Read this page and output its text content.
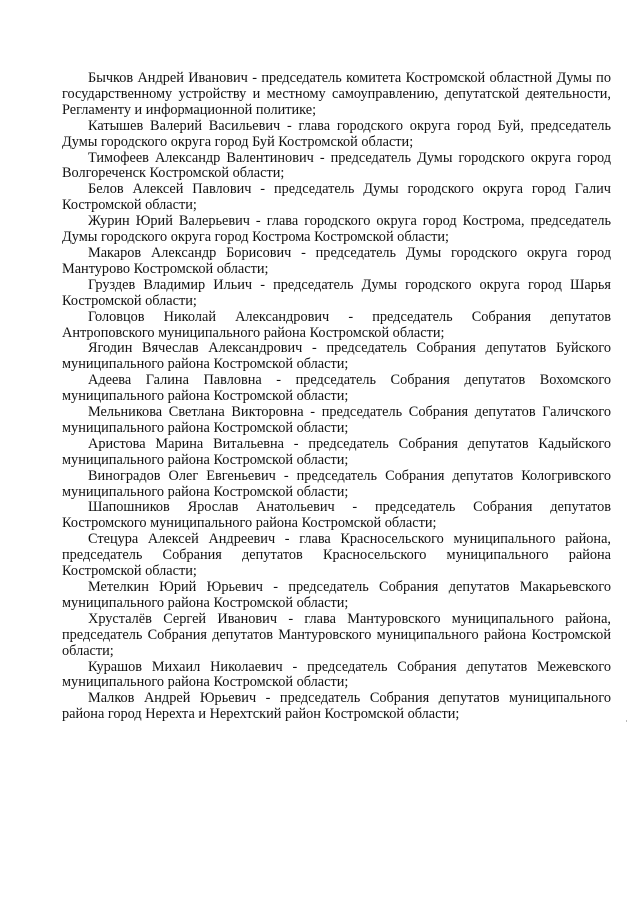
Бычков Андрей Иванович - председатель комитета Костромской областной Думы по государственному устройству и местному самоуправлению, депутатской деятельности, Регламенту и информационной политике;

Катышев Валерий Васильевич - глава городского округа город Буй, председатель Думы городского округа город Буй Костромской области;

Тимофеев Александр Валентинович - председатель Думы городского округа город Волгореченск Костромской области;

Белов Алексей Павлович - председатель Думы городского округа город Галич Костромской области;

Журин Юрий Валерьевич - глава городского округа город Кострома, председатель Думы городского округа город Кострома Костромской области;

Макаров Александр Борисович - председатель Думы городского округа город Мантурово Костромской области;

Груздев Владимир Ильич - председатель Думы городского округа город Шарья Костромской области;

Головцов Николай Александрович - председатель Собрания депутатов Антроповского муниципального района Костромской области;

Ягодин Вячеслав Александрович - председатель Собрания депутатов Буйского муниципального района Костромской области;

Адеева Галина Павловна - председатель Собрания депутатов Вохомского муниципального района Костромской области;

Мельникова Светлана Викторовна - председатель Собрания депутатов Галичского муниципального района Костромской области;

Аристова Марина Витальевна - председатель Собрания депутатов Кадыйского муниципального района Костромской области;

Виноградов Олег Евгеньевич - председатель Собрания депутатов Кологривского муниципального района Костромской области;

Шапошников Ярослав Анатольевич - председатель Собрания депутатов Костромского муниципального района Костромской области;

Стецура Алексей Андреевич - глава Красносельского муниципального района, председатель Собрания депутатов Красносельского муниципального района Костромской области;

Метелкин Юрий Юрьевич - председатель Собрания депутатов Макарьевского муниципального района Костромской области;

Хрусталёв Сергей Иванович - глава Мантуровского муниципального района, председатель Собрания депутатов Мантуровского муниципального района Костромской области;

Курашов Михаил Николаевич - председатель Собрания депутатов Межевского муниципального района Костромской области;

Малков Андрей Юрьевич - председатель Собрания депутатов муниципального района город Нерехта и Нерехтский район Костромской области;
